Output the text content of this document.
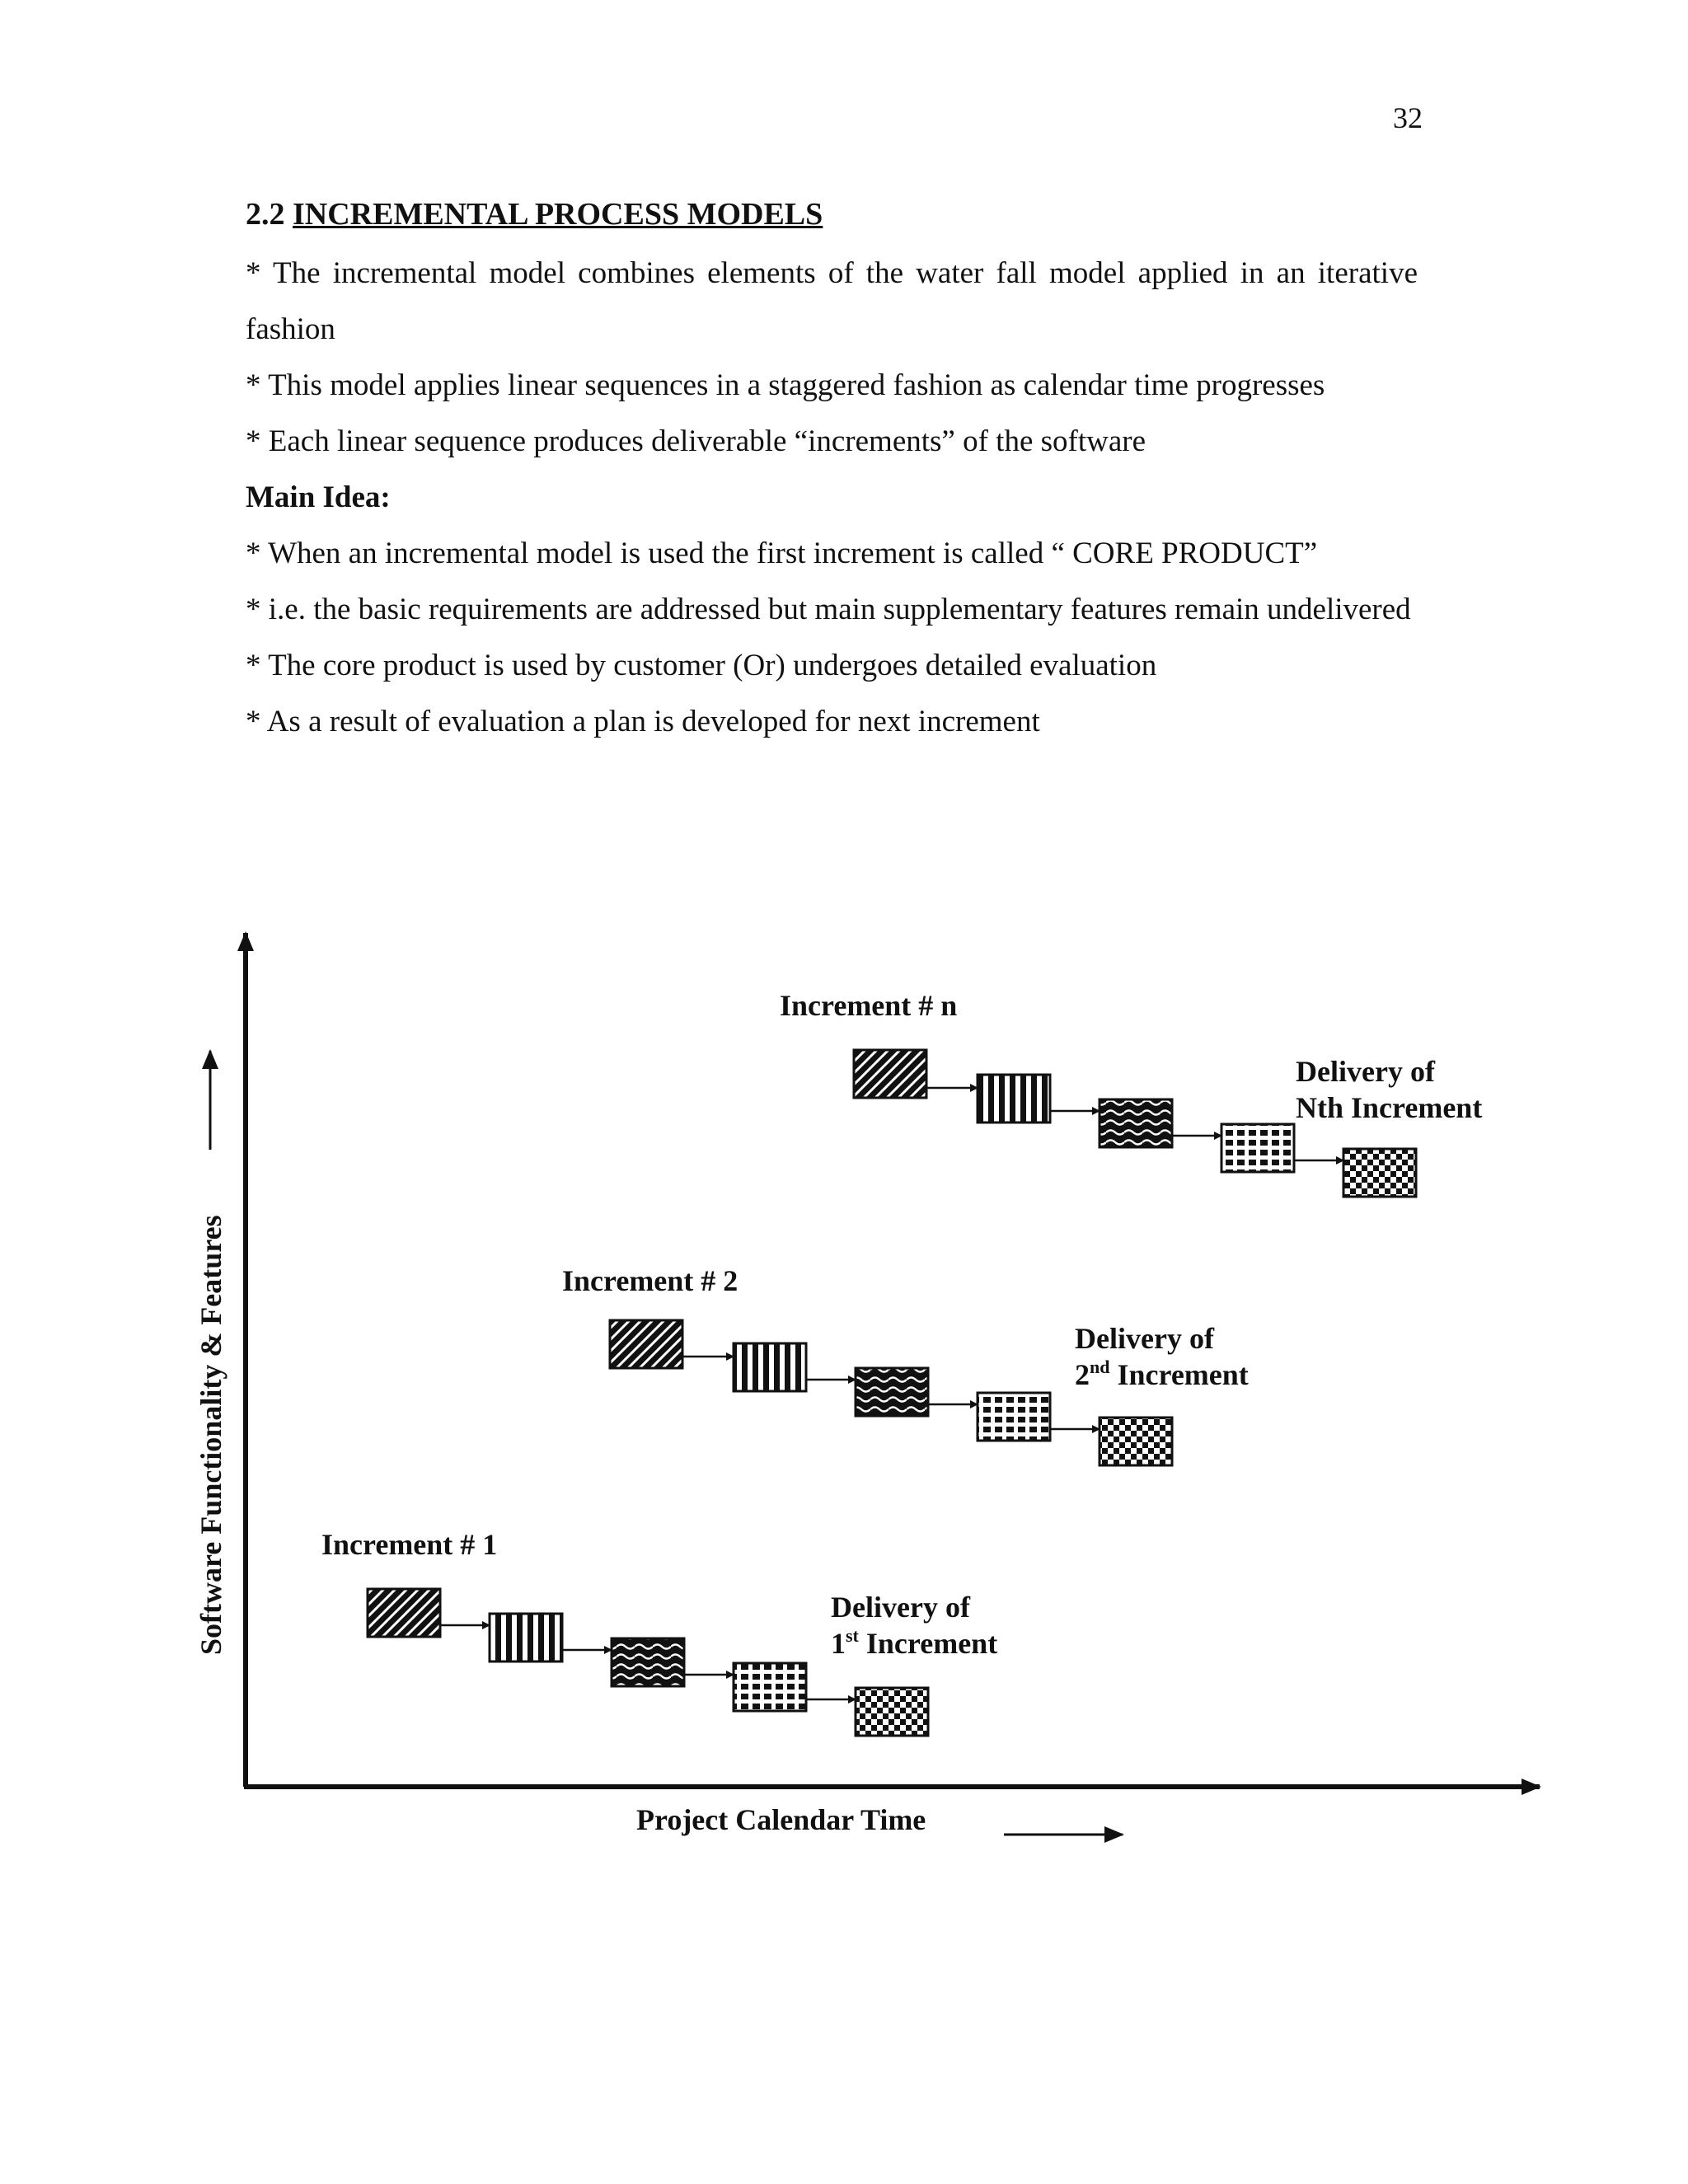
32
2.2 INCREMENTAL PROCESS MODELS

* The incremental model combines elements of the water fall model applied in an iterative fashion

* This model applies linear sequences in a staggered fashion as calendar time progresses

* Each linear sequence produces deliverable “increments” of the software

Main Idea:

* When an incremental model is used the first increment is called “ CORE PRODUCT”

* i.e. the basic requirements are addressed but main supplementary features remain undelivered

* The core product is used by customer (Or) undergoes detailed evaluation

* As a result of evaluation a plan is developed for next increment

Software Functionality & Features
Project Calendar Time
Increment # 1
Delivery of
1st Increment
Increment # 2
Delivery of
2nd Increment
Increment # n
Delivery of
Nth Increment
